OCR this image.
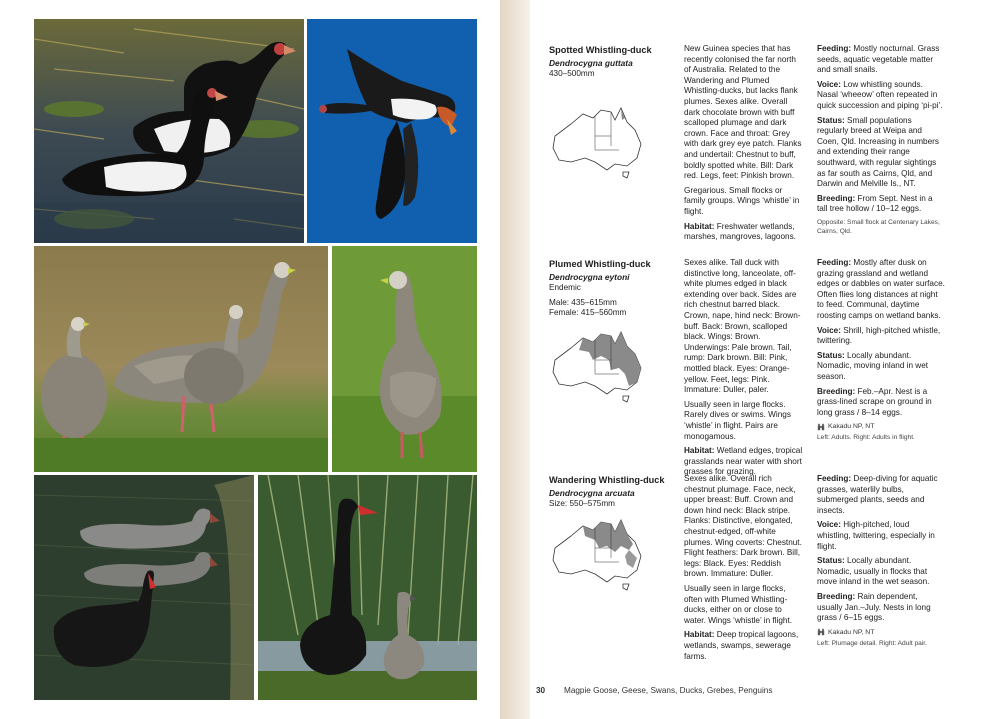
Spotted Whistling-duck
Dendrocygna guttata
430–500mm

New Guinea species that has recently colonised the far north of Australia. Related to the Wandering and Plumed Whistling-ducks, but lacks flank plumes. Sexes alike. Overall dark chocolate brown with buff scalloped plumage and dark crown. Face and throat: Grey with dark grey eye patch. Flanks and undertail: Chestnut to buff, boldly spotted white. Bill: Dark red. Legs, feet: Pinkish brown.

Gregarious. Small flocks or family groups. Wings ‘whistle’ in flight.

Habitat: Freshwater wetlands, marshes, mangroves, lagoons.

Feeding: Mostly nocturnal. Grass seeds, aquatic vegetable matter and small snails.

Voice: Low whistling sounds. Nasal ‘wheeow’ often repeated in quick succession and piping ‘pi-pi’.

Status: Small populations regularly breed at Weipa and Coen, Qld. Increasing in numbers and extending their range southward, with regular sightings as far south as Cairns, Qld, and Darwin and Melville Is., NT.

Breeding: From Sept. Nest in a tall tree hollow / 10–12 eggs.

Opposite: Small flock at Centenary Lakes, Cairns, Qld.
Plumed Whistling-duck
Dendrocygna eytoni
Endemic
Male: 435–615mm
Female: 415–560mm

Sexes alike. Tall duck with distinctive long, lanceolate, off-white plumes edged in black extending over back. Sides are rich chestnut barred black. Crown, nape, hind neck: Brown-buff. Back: Brown, scalloped black. Wings: Brown. Underwings: Pale brown. Tail, rump: Dark brown. Bill: Pink, mottled black. Eyes: Orange-yellow. Feet, legs: Pink. Immature: Duller, paler.

Usually seen in large flocks. Rarely dives or swims. Wings ‘whistle’ in flight. Pairs are monogamous.

Habitat: Wetland edges, tropical grasslands near water with short grasses for grazing.

Feeding: Mostly after dusk on grazing grassland and wetland edges or dabbles on water surface. Often flies long distances at night to feed. Communal, daytime roosting camps on wetland banks.

Voice: Shrill, high-pitched whistle, twittering.

Status: Locally abundant. Nomadic, moving inland in wet season.

Breeding: Feb.–Apr. Nest is a grass-lined scrape on ground in long grass / 8–14 eggs.

Kakadu NP, NT
Left: Adults. Right: Adults in flight.
Wandering Whistling-duck
Dendrocygna arcuata
Size: 550–575mm

Sexes alike. Overall rich chestnut plumage. Face, neck, upper breast: Buff. Crown and down hind neck: Black stripe. Flanks: Distinctive, elongated, chestnut-edged, off-white plumes. Wing coverts: Chestnut. Flight feathers: Dark brown. Bill, legs: Black. Eyes: Reddish brown. Immature: Duller.

Usually seen in large flocks, often with Plumed Whistling-ducks, either on or close to water. Wings ‘whistle’ in flight.

Habitat: Deep tropical lagoons, wetlands, swamps, sewerage farms.

Feeding: Deep-diving for aquatic grasses, waterlily bulbs, submerged plants, seeds and insects.

Voice: High-pitched, loud whistling, twittering, especially in flight.

Status: Locally abundant. Nomadic, usually in flocks that move inland in the wet season.

Breeding: Rain dependent, usually Jan.–July. Nests in long grass / 6–15 eggs.

Kakadu NP, NT
Left: Plumage detail. Right: Adult pair.
30 Magpie Goose, Geese, Swans, Ducks, Grebes, Penguins
